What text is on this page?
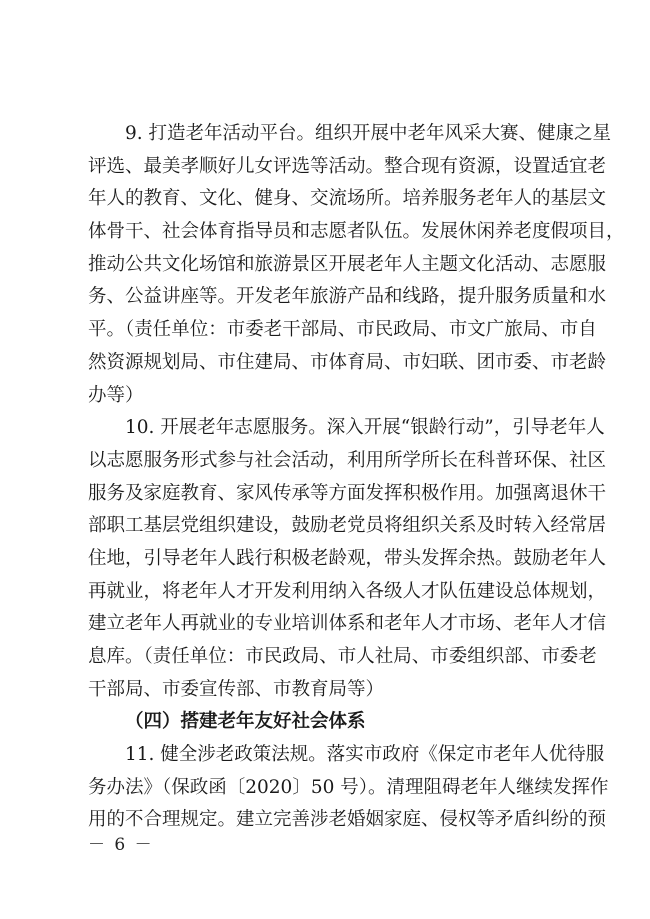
9. 打造老年活动平台。组织开展中老年风采大赛、健康之星
评选、最美孝顺好儿女评选等活动。整合现有资源，设置适宜老
年人的教育、文化、健身、交流场所。培养服务老年人的基层文
体骨干、社会体育指导员和志愿者队伍。发展休闲养老度假项目，
推动公共文化场馆和旅游景区开展老年人主题文化活动、志愿服
务、公益讲座等。开发老年旅游产品和线路，提升服务质量和水
平。（责任单位：市委老干部局、市民政局、市文广旅局、市自
然资源规划局、市住建局、市体育局、市妇联、团市委、市老龄
办等）
10. 开展老年志愿服务。深入开展“银龄行动”，引导老年人
以志愿服务形式参与社会活动，利用所学所长在科普环保、社区
服务及家庭教育、家风传承等方面发挥积极作用。加强离退休干
部职工基层党组织建设，鼓励老党员将组织关系及时转入经常居
住地，引导老年人践行积极老龄观，带头发挥余热。鼓励老年人
再就业，将老年人才开发利用纳入各级人才队伍建设总体规划，
建立老年人再就业的专业培训体系和老年人才市场、老年人才信
息库。（责任单位：市民政局、市人社局、市委组织部、市委老
干部局、市委宣传部、市教育局等）
（四）搭建老年友好社会体系
11. 健全涉老政策法规。落实市政府《保定市老年人优待服
务办法》（保政函〔2020〕50 号）。清理阻碍老年人继续发挥作
用的不合理规定。建立完善涉老婚姻家庭、侵权等矛盾纠纷的预
－ 6 －
